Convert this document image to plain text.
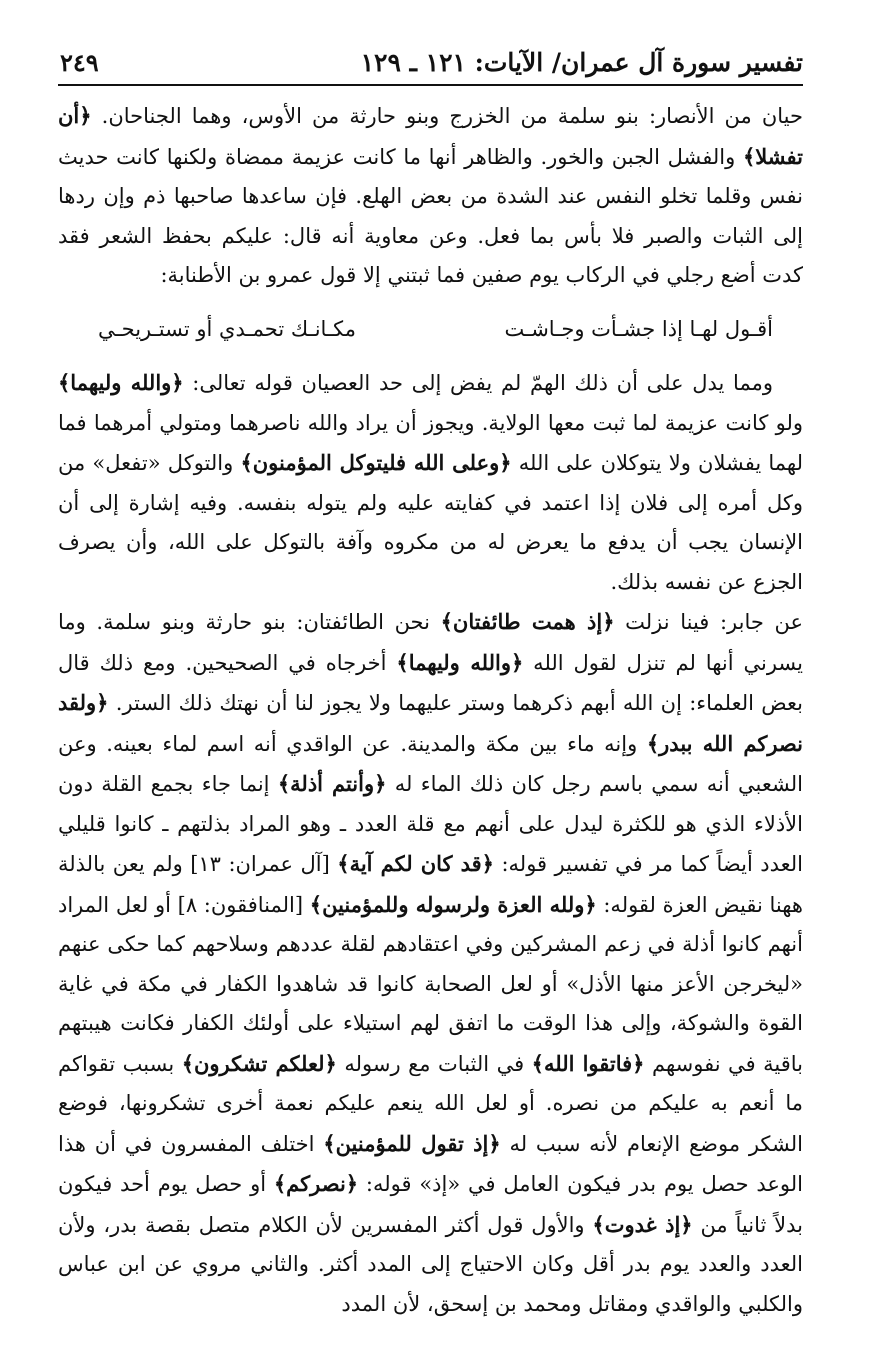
تفسير سورة آل عمران/ الآيات: ١٢١ ـ ١٢٩
٢٤٩

حيان من الأنصار: بنو سلمة من الخزرج وبنو حارثة من الأوس، وهما الجناحان. ﴿أن تفشلا﴾ والفشل الجبن والخور. والظاهر أنها ما كانت عزيمة ممضاة ولكنها كانت حديث نفس وقلما تخلو النفس عند الشدة من بعض الهلع. فإن ساعدها صاحبها ذم وإن ردها إلى الثبات والصبر فلا بأس بما فعل. وعن معاوية أنه قال: عليكم بحفظ الشعر فقد كدت أضع رجلي في الركاب يوم صفين فما ثبتني إلا قول عمرو بن الأطنابة:

أقـول لهـا إذا جشـأت وجـاشـت
مكـانـك تحمـدي أو تستـريحـي

ومما يدل على أن ذلك الهمّ لم يفض إلى حد العصيان قوله تعالى: ﴿والله وليهما﴾ ولو كانت عزيمة لما ثبت معها الولاية. ويجوز أن يراد والله ناصرهما ومتولي أمرهما فما لهما يفشلان ولا يتوكلان على الله ﴿وعلى الله فليتوكل المؤمنون﴾ والتوكل «تفعل» من وكل أمره إلى فلان إذا اعتمد في كفايته عليه ولم يتوله بنفسه. وفيه إشارة إلى أن الإنسان يجب أن يدفع ما يعرض له من مكروه وآفة بالتوكل على الله، وأن يصرف الجزع عن نفسه بذلك.

عن جابر: فينا نزلت ﴿إذ همت طائفتان﴾ نحن الطائفتان: بنو حارثة وبنو سلمة. وما يسرني أنها لم تنزل لقول الله ﴿والله وليهما﴾ أخرجاه في الصحيحين. ومع ذلك قال بعض العلماء: إن الله أبهم ذكرهما وستر عليهما ولا يجوز لنا أن نهتك ذلك الستر. ﴿ولقد نصركم الله ببدر﴾ وإنه ماء بين مكة والمدينة. عن الواقدي أنه اسم لماء بعينه. وعن الشعبي أنه سمي باسم رجل كان ذلك الماء له ﴿وأنتم أذلة﴾ إنما جاء بجمع القلة دون الأذلاء الذي هو للكثرة ليدل على أنهم مع قلة العدد ـ وهو المراد بذلتهم ـ كانوا قليلي العدد أيضاً كما مر في تفسير قوله: ﴿قد كان لكم آية﴾ [آل عمران: ١٣] ولم يعن بالذلة ههنا نقيض العزة لقوله: ﴿ولله العزة ولرسوله وللمؤمنين﴾ [المنافقون: ٨] أو لعل المراد أنهم كانوا أذلة في زعم المشركين وفي اعتقادهم لقلة عددهم وسلاحهم كما حكى عنهم «ليخرجن الأعز منها الأذل» أو لعل الصحابة كانوا قد شاهدوا الكفار في مكة في غاية القوة والشوكة، وإلى هذا الوقت ما اتفق لهم استيلاء على أولئك الكفار فكانت هيبتهم باقية في نفوسهم ﴿فاتقوا الله﴾ في الثبات مع رسوله ﴿لعلكم تشكرون﴾ بسبب تقواكم ما أنعم به عليكم من نصره. أو لعل الله ينعم عليكم نعمة أخرى تشكرونها، فوضع الشكر موضع الإنعام لأنه سبب له ﴿إذ تقول للمؤمنين﴾ اختلف المفسرون في أن هذا الوعد حصل يوم بدر فيكون العامل في «إذ» قوله: ﴿نصركم﴾ أو حصل يوم أحد فيكون بدلاً ثانياً من ﴿إذ غدوت﴾ والأول قول أكثر المفسرين لأن الكلام متصل بقصة بدر، ولأن العدد والعدد يوم بدر أقل وكان الاحتياج إلى المدد أكثر. والثاني مروي عن ابن عباس والكلبي والواقدي ومقاتل ومحمد بن إسحق، لأن المدد
